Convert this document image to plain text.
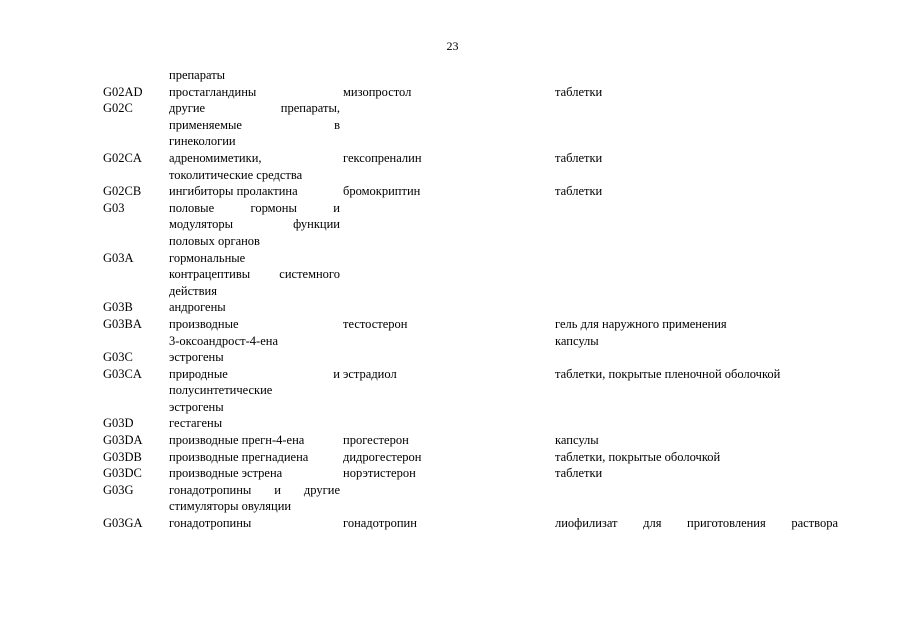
23

	препараты		

G02AD	простагландины	мизопростол	таблетки

G02C	другие препараты,
применяемые в
гинекологии		

G02CA	адреномиметики,
токолитические средства	гексопреналин	таблетки

G02CB	ингибиторы пролактина	бромокриптин	таблетки

G03	половые гормоны и
модуляторы функции
половых органов		

G03A	гормональные
контрацептивы системного
действия		

G03B	андрогены		

G03BA	производные
3-оксоандрост-4-ена	тестостерон	гель для наружного применения
капсулы

G03C	эстрогены		

G03CA	природные и
полусинтетические
эстрогены	эстрадиол	таблетки, покрытые пленочной оболочкой

G03D	гестагены		

G03DA	производные прегн-4-ена	прогестерон	капсулы

G03DB	производные прегнадиена	дидрогестерон	таблетки, покрытые оболочкой

G03DC	производные эстрена	норэтистерон	таблетки

G03G	гонадотропины и другие
стимуляторы овуляции		

G03GA	гонадотропины	гонадотропин	лиофилизат для приготовления раствора
